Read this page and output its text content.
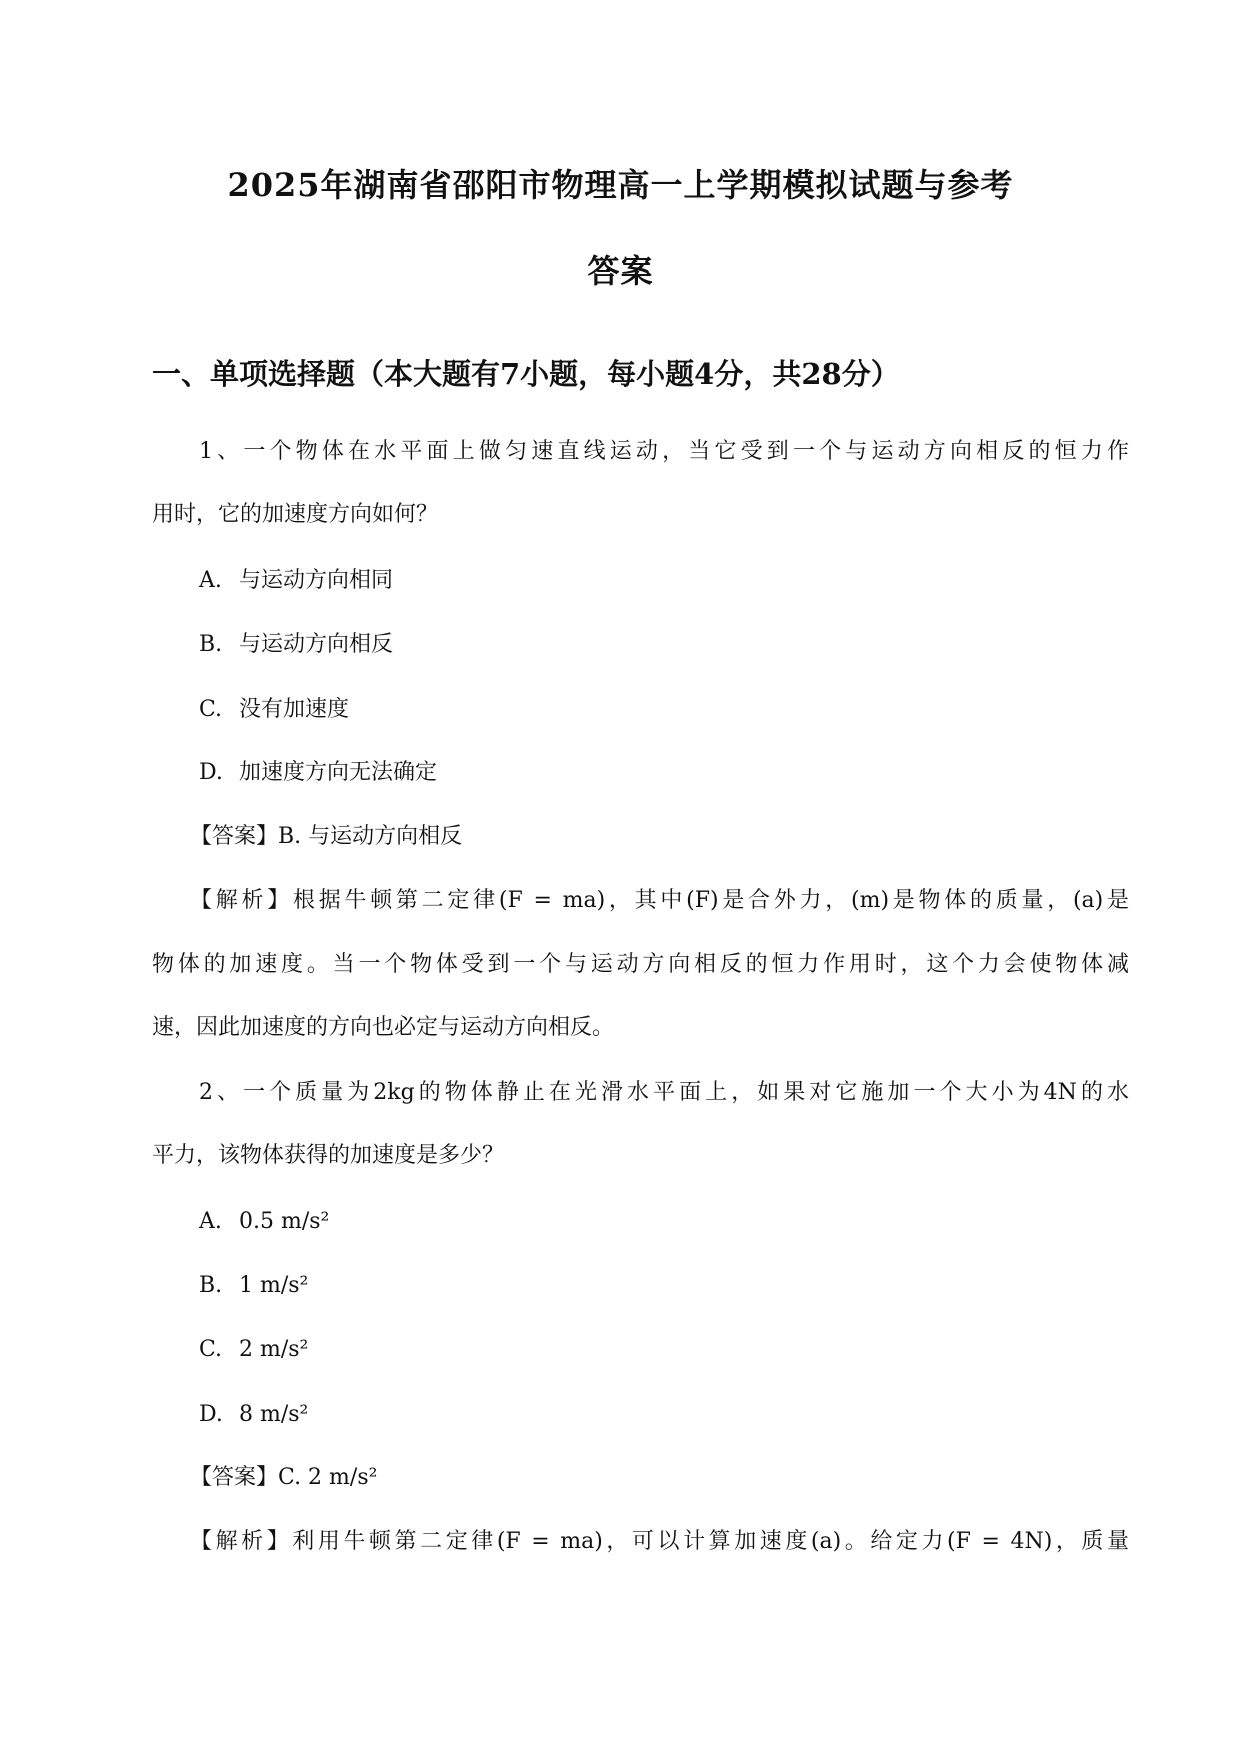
2025年湖南省邵阳市物理高一上学期模拟试题与参考
答案
一、单项选择题（本大题有7小题，每小题4分，共28分）
1、一个物体在水平面上做匀速直线运动，当它受到一个与运动方向相反的恒力作
用时，它的加速度方向如何？
A. 与运动方向相同
B. 与运动方向相反
C. 没有加速度
D. 加速度方向无法确定
【答案】B. 与运动方向相反
【解析】根据牛顿第二定律(F = ma)，其中(F)是合外力，(m)是物体的质量，(a)是
物体的加速度。当一个物体受到一个与运动方向相反的恒力作用时，这个力会使物体减
速，因此加速度的方向也必定与运动方向相反。
2、一个质量为2kg的物体静止在光滑水平面上，如果对它施加一个大小为4N的水
平力，该物体获得的加速度是多少？
A. 0.5 m/s²
B. 1 m/s²
C. 2 m/s²
D. 8 m/s²
【答案】C. 2 m/s²
【解析】利用牛顿第二定律(F = ma)，可以计算加速度(a)。给定力(F = 4N)，质量
